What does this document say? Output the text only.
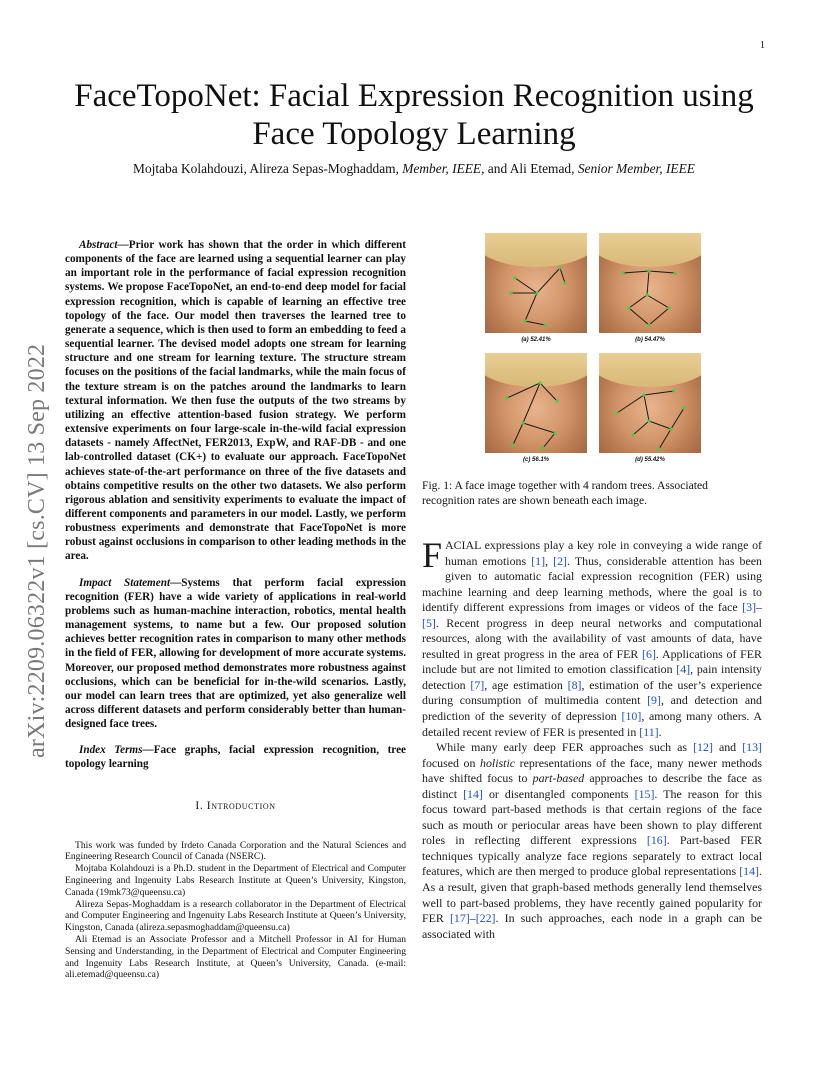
1
arXiv:2209.06322v1 [cs.CV] 13 Sep 2022
FaceTopoNet: Facial Expression Recognition using Face Topology Learning
Mojtaba Kolahdouzi, Alireza Sepas-Moghaddam, Member, IEEE, and Ali Etemad, Senior Member, IEEE

Abstract—Prior work has shown that the order in which different components of the face are learned using a sequential learner can play an important role in the performance of facial expression recognition systems. We propose FaceTopoNet, an end-to-end deep model for facial expression recognition, which is capable of learning an effective tree topology of the face. Our model then traverses the learned tree to generate a sequence, which is then used to form an embedding to feed a sequential learner. The devised model adopts one stream for learning structure and one stream for learning texture. The structure stream focuses on the positions of the facial landmarks, while the main focus of the texture stream is on the patches around the landmarks to learn textural information. We then fuse the outputs of the two streams by utilizing an effective attention-based fusion strategy. We perform extensive experiments on four large-scale in-the-wild facial expression datasets - namely AffectNet, FER2013, ExpW, and RAF-DB - and one lab-controlled dataset (CK+) to evaluate our approach. FaceTopoNet achieves state-of-the-art performance on three of the five datasets and obtains competitive results on the other two datasets. We also perform rigorous ablation and sensitivity experiments to evaluate the impact of different components and parameters in our model. Lastly, we perform robustness experiments and demonstrate that FaceTopoNet is more robust against occlusions in comparison to other leading methods in the area.

Impact Statement—Systems that perform facial expression recognition (FER) have a wide variety of applications in real-world problems such as human-machine interaction, robotics, mental health management systems, to name but a few. Our proposed solution achieves better recognition rates in comparison to many other methods in the field of FER, allowing for development of more accurate systems. Moreover, our proposed method demonstrates more robustness against occlusions, which can be beneficial for in-the-wild scenarios. Lastly, our model can learn trees that are optimized, yet also generalize well across different datasets and perform considerably better than human-designed face trees.

Index Terms—Face graphs, facial expression recognition, tree topology learning

I. Introduction

This work was funded by Irdeto Canada Corporation and the Natural Sciences and Engineering Research Council of Canada (NSERC).

Mojtaba Kolahdouzi is a Ph.D. student in the Department of Electrical and Computer Engineering and Ingenuity Labs Research Institute at Queen’s University, Kingston, Canada (19mk73@queensu.ca)

Alireza Sepas-Moghaddam is a research collaborator in the Department of Electrical and Computer Engineering and Ingenuity Labs Research Institute at Queen’s University, Kingston, Canada (alireza.sepasmoghaddam@queensu.ca)

Ali Etemad is an Associate Professor and a Mitchell Professor in AI for Human Sensing and Understanding, in the Department of Electrical and Computer Engineering and Ingenuity Labs Research Institute, at Queen’s University, Canada. (e-mail: ali.etemad@queensu.ca)

(a) 52.41%	(b) 54.47%
(c) 56.1%	(d) 55.42%
Fig. 1: A face image together with 4 random trees. Associated recognition rates are shown beneath each image.

FACIAL expressions play a key role in conveying a wide range of human emotions [1], [2]. Thus, considerable attention has been given to automatic facial expression recognition (FER) using machine learning and deep learning methods, where the goal is to identify different expressions from images or videos of the face [3]–[5]. Recent progress in deep neural networks and computational resources, along with the availability of vast amounts of data, have resulted in great progress in the area of FER [6]. Applications of FER include but are not limited to emotion classification [4], pain intensity detection [7], age estimation [8], estimation of the user’s experience during consumption of multimedia content [9], and detection and prediction of the severity of depression [10], among many others. A detailed recent review of FER is presented in [11].

While many early deep FER approaches such as [12] and [13] focused on holistic representations of the face, many newer methods have shifted focus to part-based approaches to describe the face as distinct [14] or disentangled components [15]. The reason for this focus toward part-based methods is that certain regions of the face such as mouth or periocular areas have been shown to play different roles in reflecting different expressions [16]. Part-based FER techniques typically analyze face regions separately to extract local features, which are then merged to produce global representations [14]. As a result, given that graph-based methods generally lend themselves well to part-based problems, they have recently gained popularity for FER [17]–[22]. In such approaches, each node in a graph can be associated with
